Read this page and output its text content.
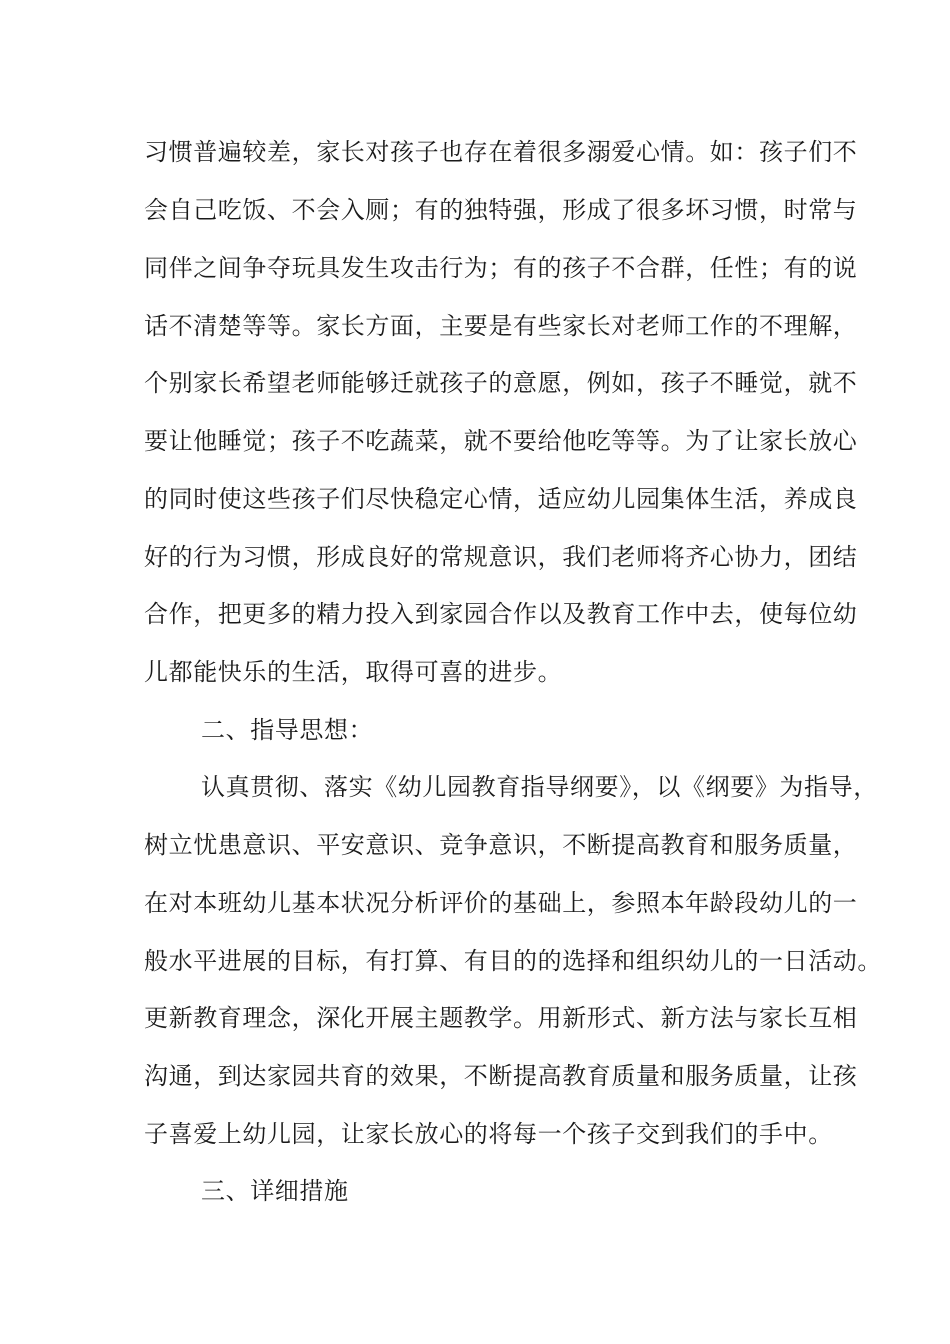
习惯普遍较差，家长对孩子也存在着很多溺爱心情。如：孩子们不
会自己吃饭、不会入厕；有的独特强，形成了很多坏习惯，时常与
同伴之间争夺玩具发生攻击行为；有的孩子不合群，任性；有的说
话不清楚等等。家长方面，主要是有些家长对老师工作的不理解，
个别家长希望老师能够迁就孩子的意愿，例如，孩子不睡觉，就不
要让他睡觉；孩子不吃蔬菜，就不要给他吃等等。为了让家长放心
的同时使这些孩子们尽快稳定心情，适应幼儿园集体生活，养成良
好的行为习惯，形成良好的常规意识，我们老师将齐心协力，团结
合作，把更多的精力投入到家园合作以及教育工作中去，使每位幼
儿都能快乐的生活，取得可喜的进步。
二、指导思想：
认真贯彻、落实《幼儿园教育指导纲要》，以《纲要》为指导，
树立忧患意识、平安意识、竞争意识，不断提高教育和服务质量，
在对本班幼儿基本状况分析评价的基础上，参照本年龄段幼儿的一
般水平进展的目标，有打算、有目的的选择和组织幼儿的一日活动。
更新教育理念，深化开展主题教学。用新形式、新方法与家长互相
沟通，到达家园共育的效果，不断提高教育质量和服务质量，让孩
子喜爱上幼儿园，让家长放心的将每一个孩子交到我们的手中。
三、详细措施
